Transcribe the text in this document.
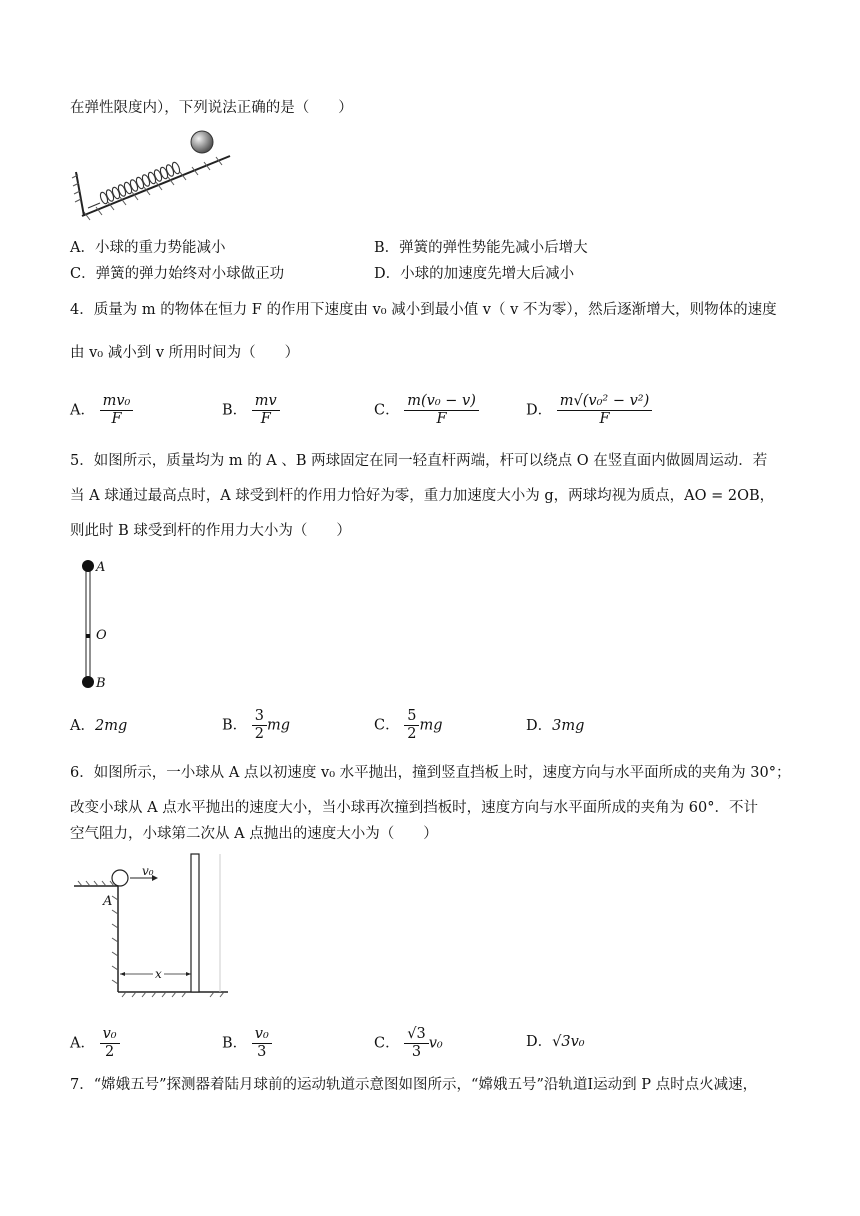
在弹性限度内），下列说法正确的是（　　）
A．小球的重力势能减小	B．弹簧的弹性势能先减小后增大
C．弹簧的弹力始终对小球做正功	D．小球的加速度先增大后减小
4．质量为 m 的物体在恒力 F 的作用下速度由 v₀ 减小到最小值 v（ v 不为零），然后逐渐增大，则物体的速度
由 v₀ 减小到 v 所用时间为（　　）
A． $\frac{\text{mv₀}}{F}$	B． $\frac{mv}{F}$	C． $\frac{\text{m(v₀ − v)}}{F}$	D． $\frac{\text{m√(v₀² − v²)}}{F}$
5．如图所示，质量均为 m 的 A 、B 两球固定在同一轻直杆两端，杆可以绕点 O 在竖直面内做圆周运动．若
当 A 球通过最高点时，A 球受到杆的作用力恰好为零，重力加速度大小为 g，两球均视为质点，AO = 2OB，
则此时 B 球受到杆的作用力大小为（　　）
A
O
B
A．2mg	B． $\frac{3}{2}$ mg	C． $\frac{5}{2}$ mg	D．3mg
6．如图所示，一小球从 A 点以初速度 v₀ 水平抛出，撞到竖直挡板上时，速度方向与水平面所成的夹角为 30°；
改变小球从 A 点水平抛出的速度大小，当小球再次撞到挡板时，速度方向与水平面所成的夹角为 60°．不计
空气阻力，小球第二次从 A 点抛出的速度大小为（　　）
v₀
A
x
A． $\frac{\text{v₀}}{2}$	B． $\frac{\text{v₀}}{3}$	C． $\frac{√3}{3} v_0$	D．√3v₀
7．“嫦娥五号”探测器着陆月球前的运动轨道示意图如图所示，“嫦娥五号”沿轨道Ⅰ运动到 P 点时点火减速，
